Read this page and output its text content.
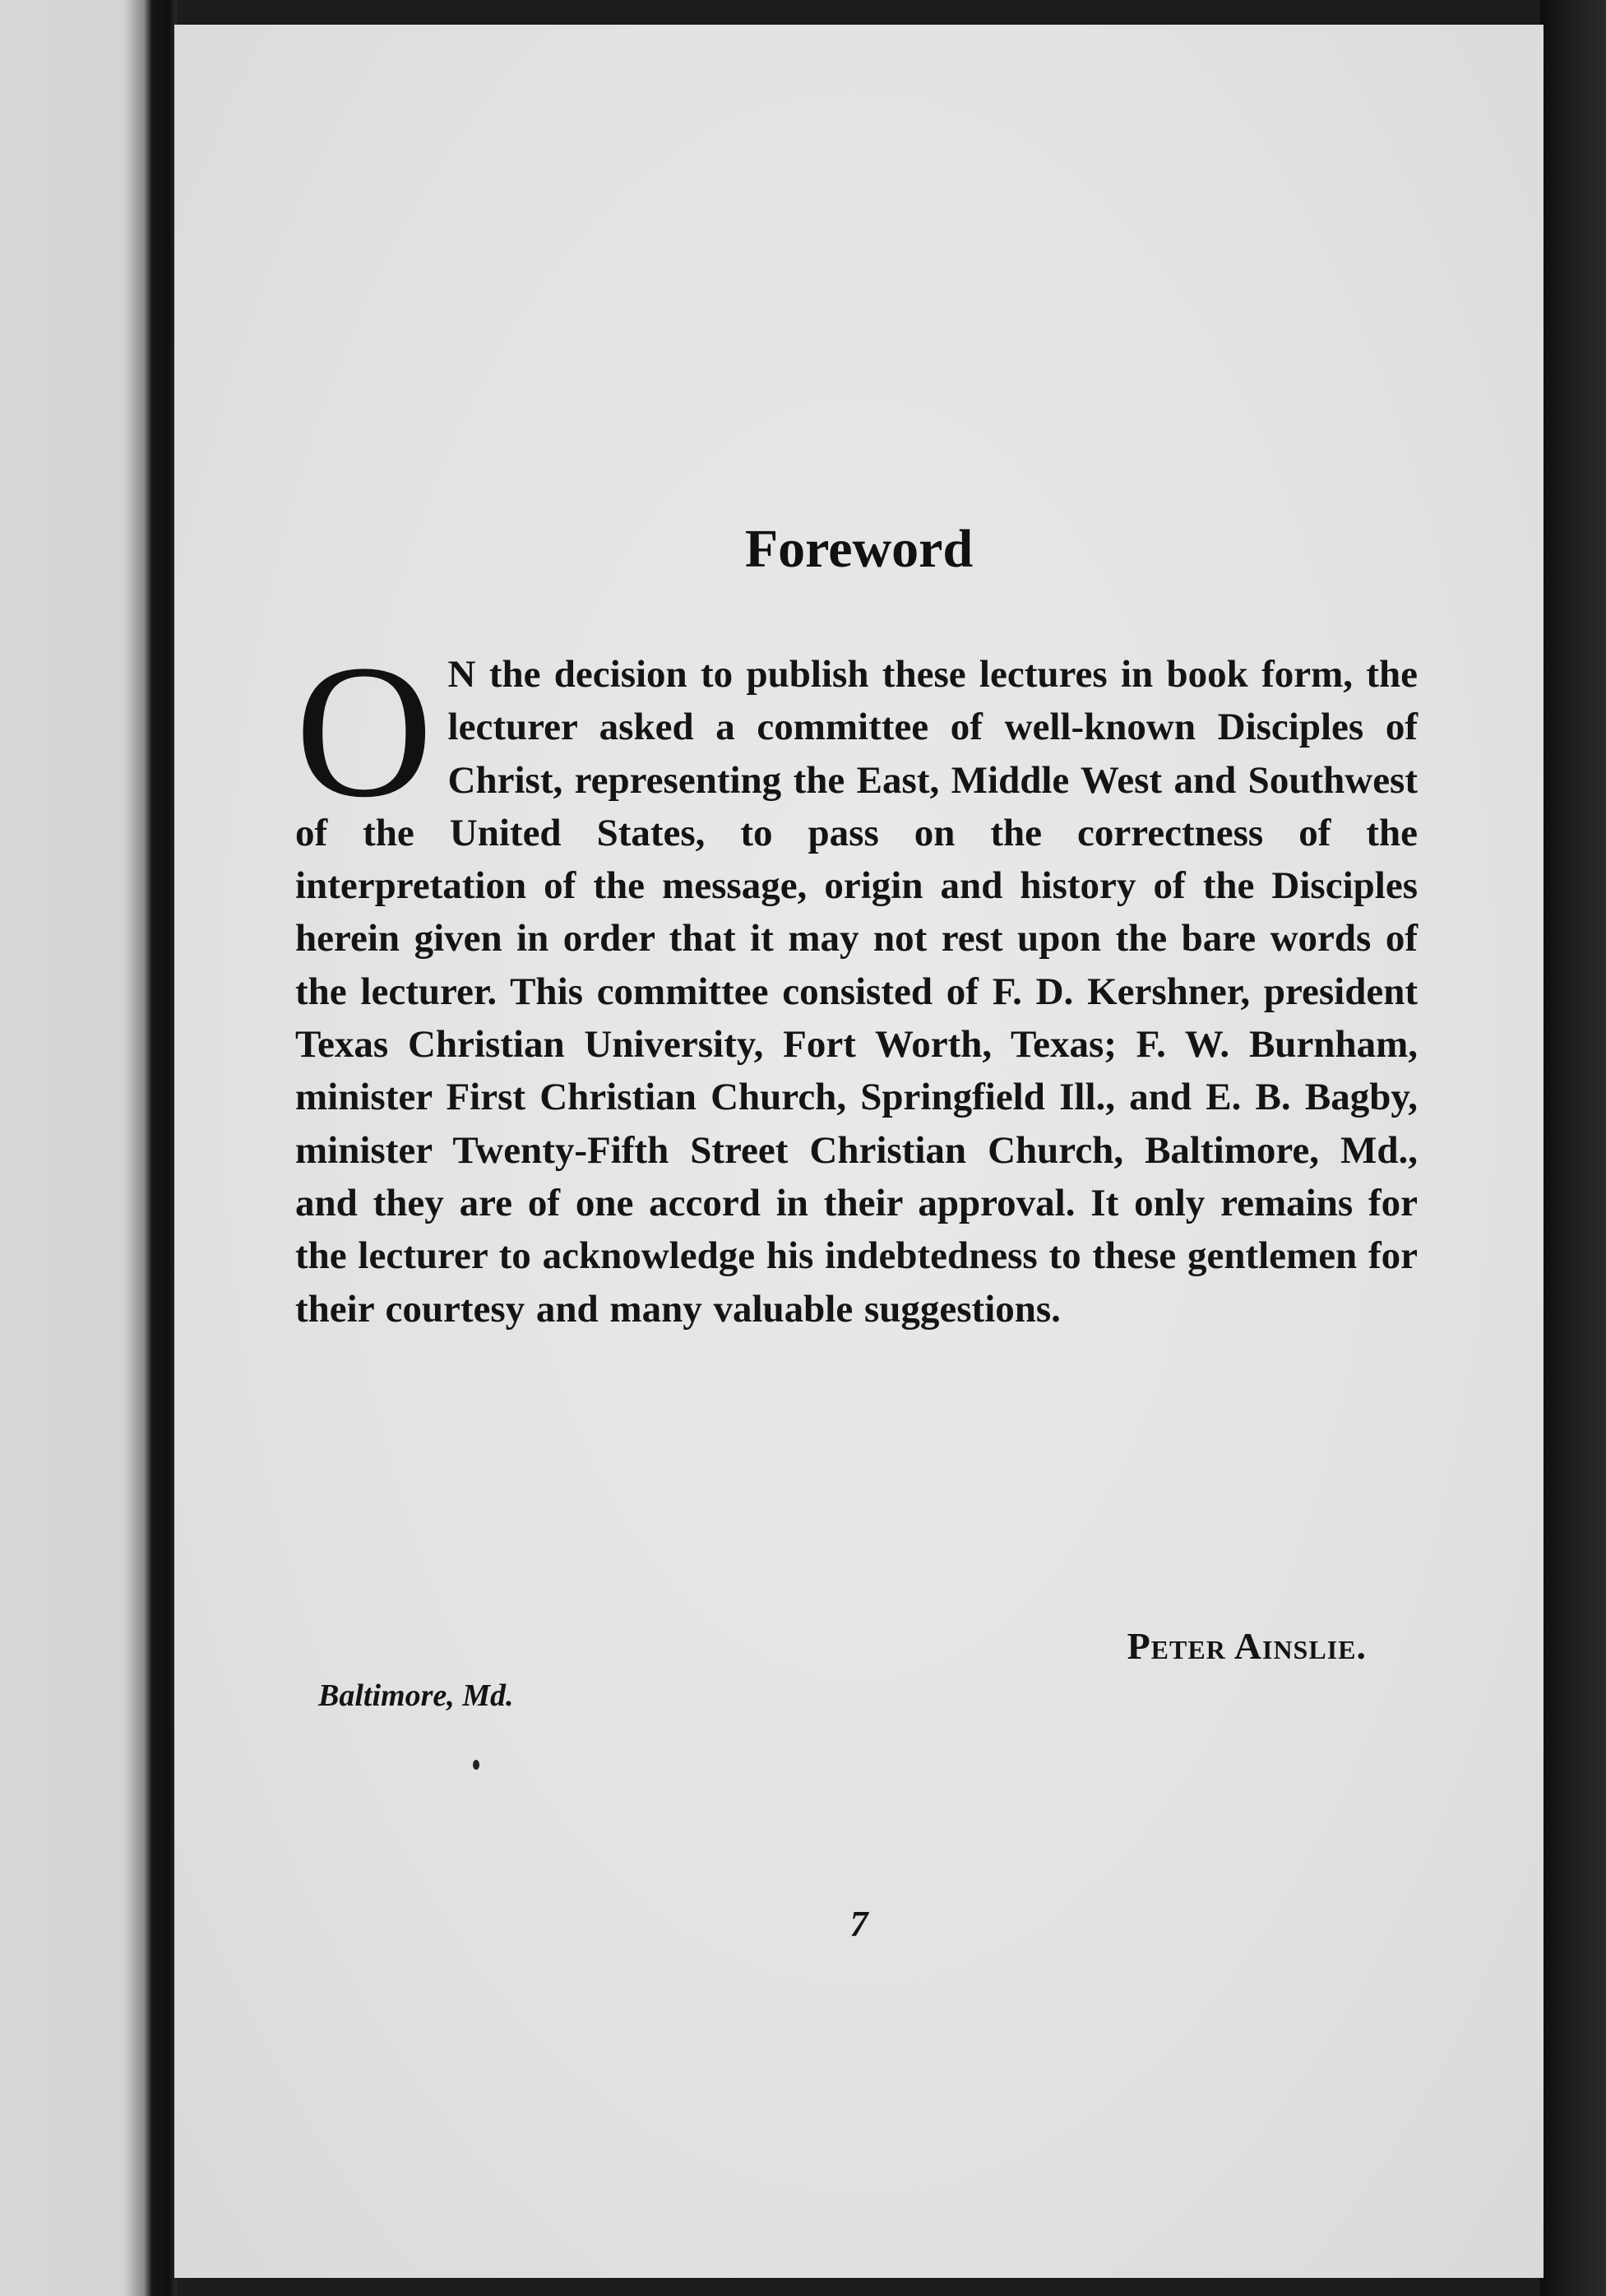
Foreword
O N the decision to publish these lectures in book form, the lecturer asked a committee of well-known Disciples of Christ, representing the East, Middle West and Southwest of the United States, to pass on the correctness of the interpretation of the message, origin and history of the Disciples herein given in order that it may not rest upon the bare words of the lecturer. This committee consisted of F. D. Kershner, president Texas Christian University, Fort Worth, Texas; F. W. Burnham, minister First Christian Church, Springfield Ill., and E. B. Bagby, minister Twenty-Fifth Street Christian Church, Baltimore, Md., and they are of one accord in their approval. It only remains for the lecturer to acknowledge his indebtedness to these gentlemen for their courtesy and many valuable suggestions.
Peter Ainslie.
Baltimore, Md.
7
